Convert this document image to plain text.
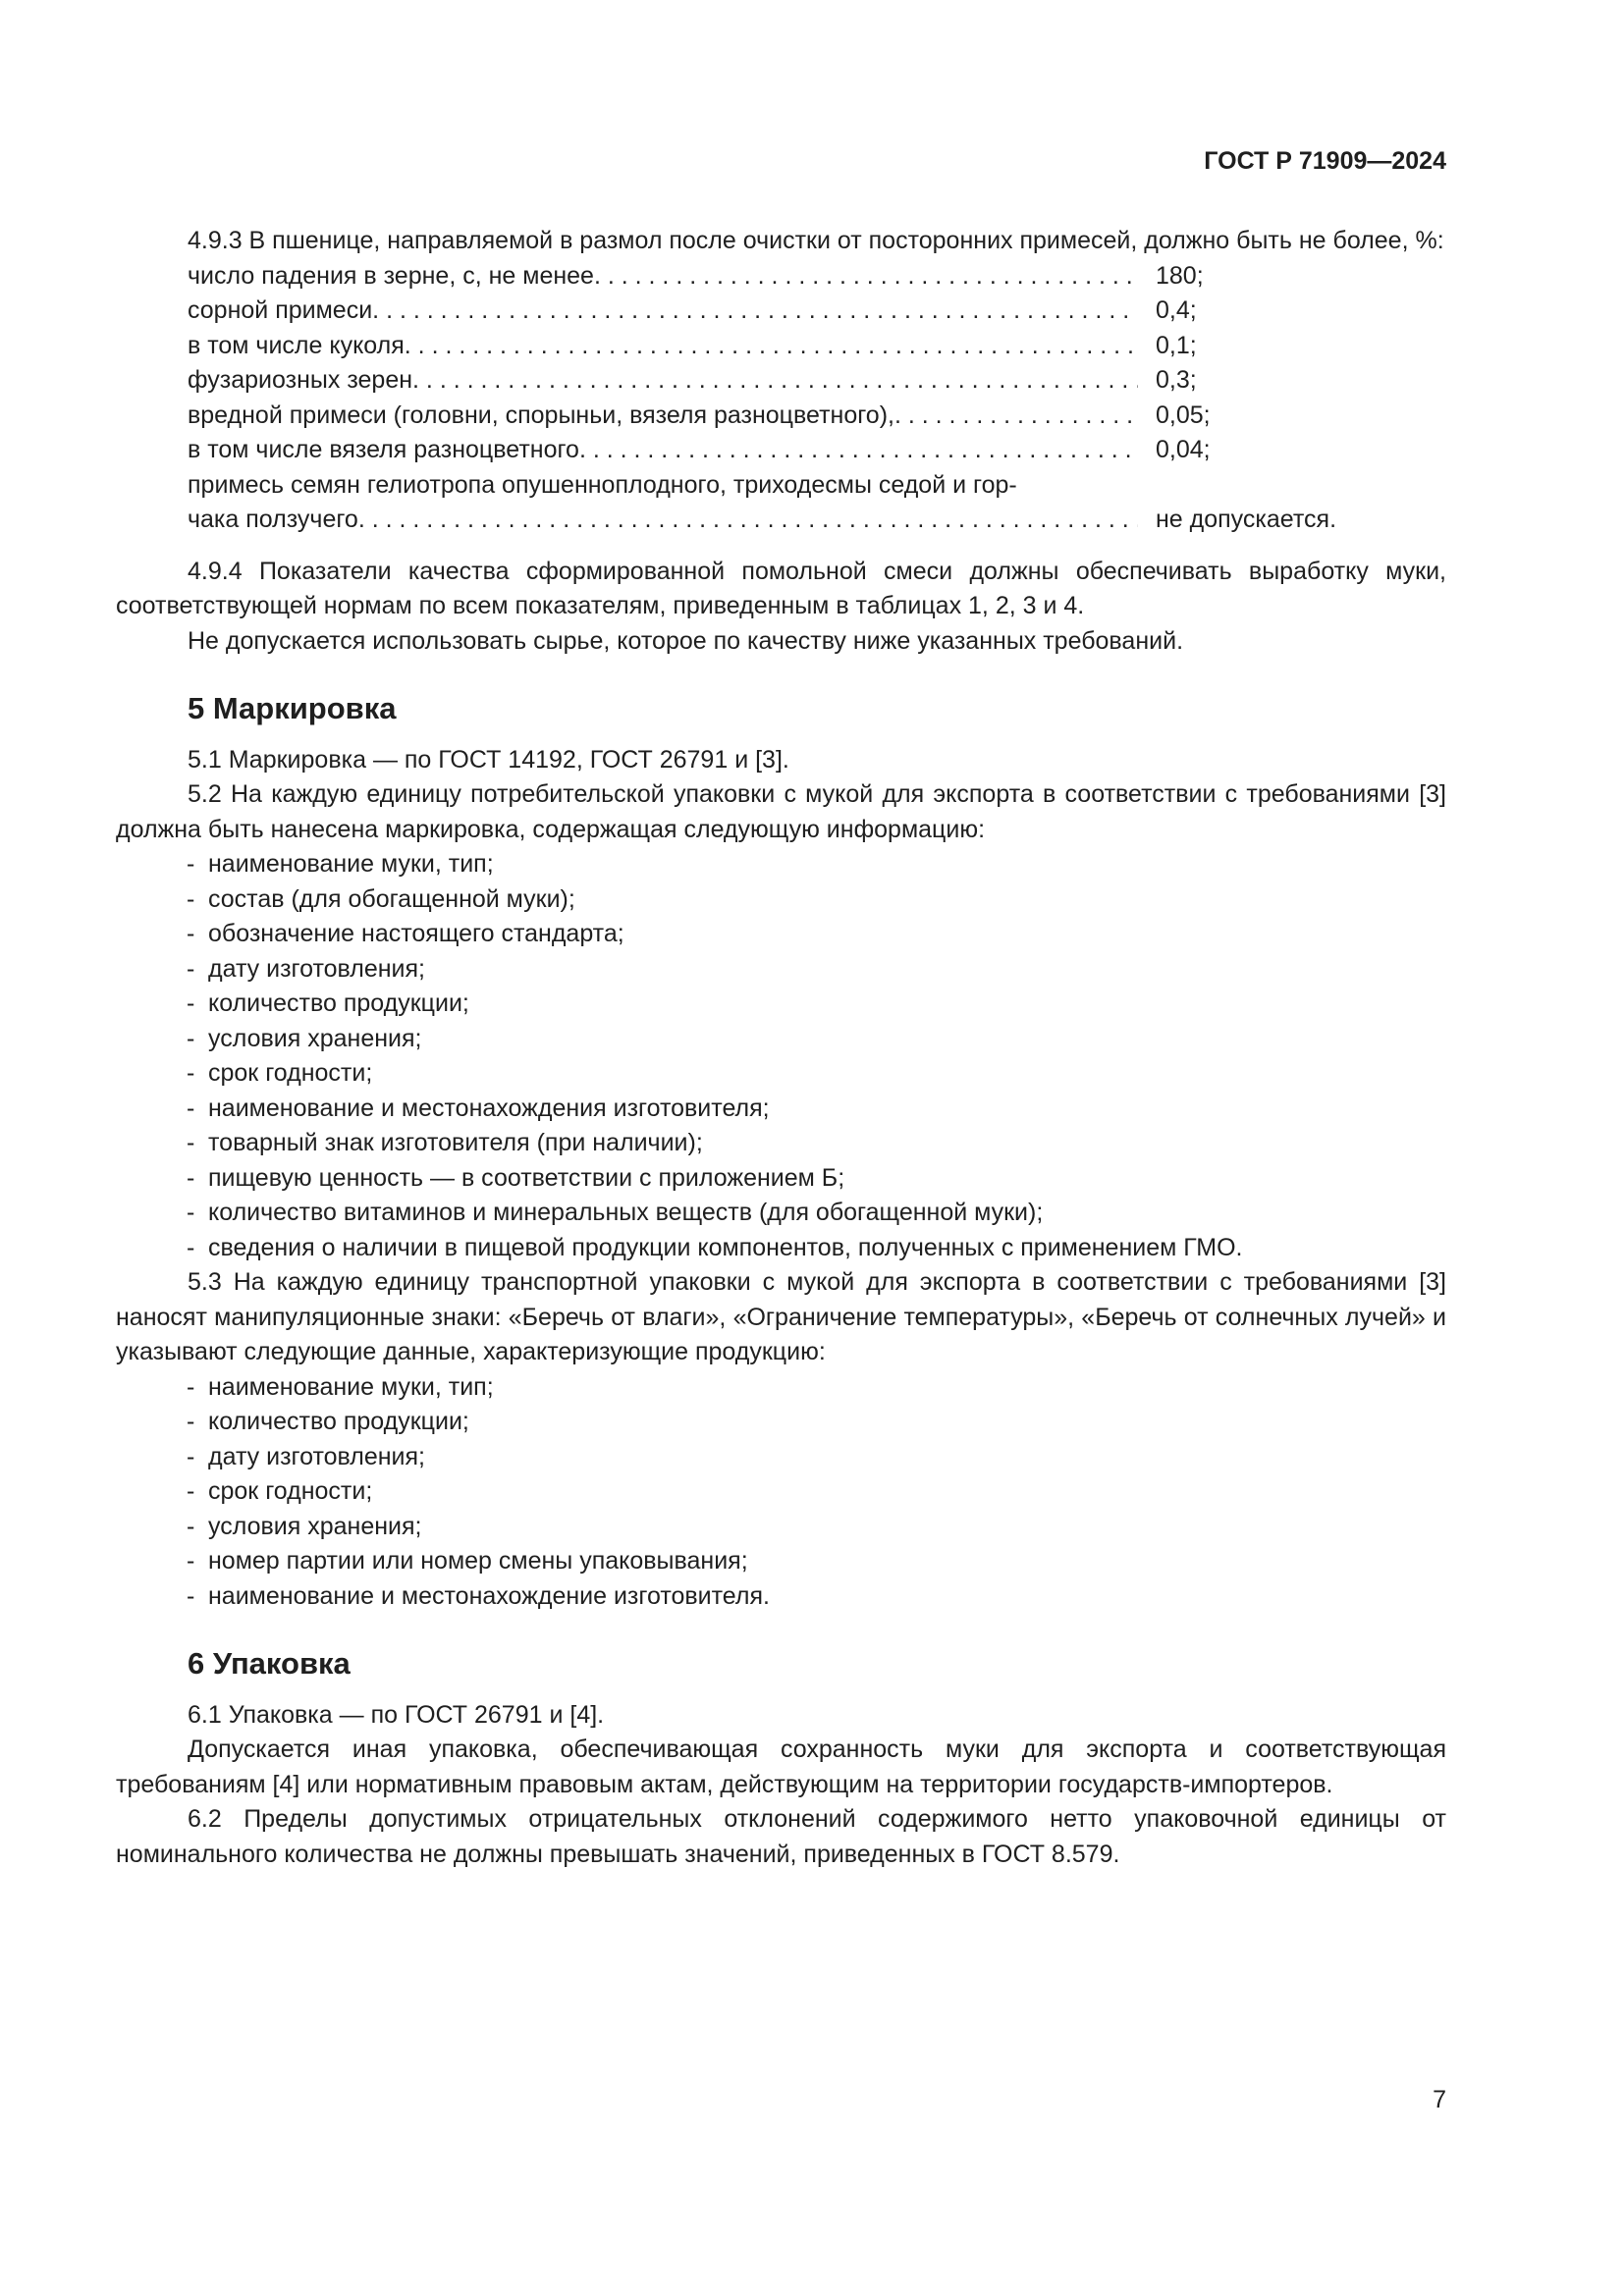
ГОСТ Р 71909—2024

4.9.3 В пшенице, направляемой в размол после очистки от посторонних примесей, должно быть не более, %:

число падения в зерне, с, не менее . . .	180;
сорной примеси . . .	0,4;
в том числе куколя . . .	0,1;
фузариозных зерен . . .	0,3;
вредной примеси (головни, спорыньи, вязеля разноцветного), . . .	0,05;
в том числе вязеля разноцветного . . .	0,04;
примесь семян гелиотропа опушенноплодного, триходесмы седой и гор-
чака ползучего . . .	не допускается.

4.9.4 Показатели качества сформированной помольной смеси должны обеспечивать выработку муки, соответствующей нормам по всем показателям, приведенным в таблицах 1, 2, 3 и 4.

Не допускается использовать сырье, которое по качеству ниже указанных требований.

5 Маркировка

5.1 Маркировка — по ГОСТ 14192, ГОСТ 26791 и [3].

5.2 На каждую единицу потребительской упаковки с мукой для экспорта в соответствии с требованиями [3] должна быть нанесена маркировка, содержащая следующую информацию:

- наименование муки, тип;
- состав (для обогащенной муки);
- обозначение настоящего стандарта;
- дату изготовления;
- количество продукции;
- условия хранения;
- срок годности;
- наименование и местонахождения изготовителя;
- товарный знак изготовителя (при наличии);
- пищевую ценность — в соответствии с приложением Б;
- количество витаминов и минеральных веществ (для обогащенной муки);
- сведения о наличии в пищевой продукции компонентов, полученных с применением ГМО.

5.3 На каждую единицу транспортной упаковки с мукой для экспорта в соответствии с требованиями [3] наносят манипуляционные знаки: «Беречь от влаги», «Ограничение температуры», «Беречь от солнечных лучей» и указывают следующие данные, характеризующие продукцию:

- наименование муки, тип;
- количество продукции;
- дату изготовления;
- срок годности;
- условия хранения;
- номер партии или номер смены упаковывания;
- наименование и местонахождение изготовителя.
6 Упаковка

6.1 Упаковка — по ГОСТ 26791 и [4].

Допускается иная упаковка, обеспечивающая сохранность муки для экспорта и соответствующая требованиям [4] или нормативным правовым актам, действующим на территории государств-импортеров.

6.2 Пределы допустимых отрицательных отклонений содержимого нетто упаковочной единицы от номинального количества не должны превышать значений, приведенных в ГОСТ 8.579.

7
